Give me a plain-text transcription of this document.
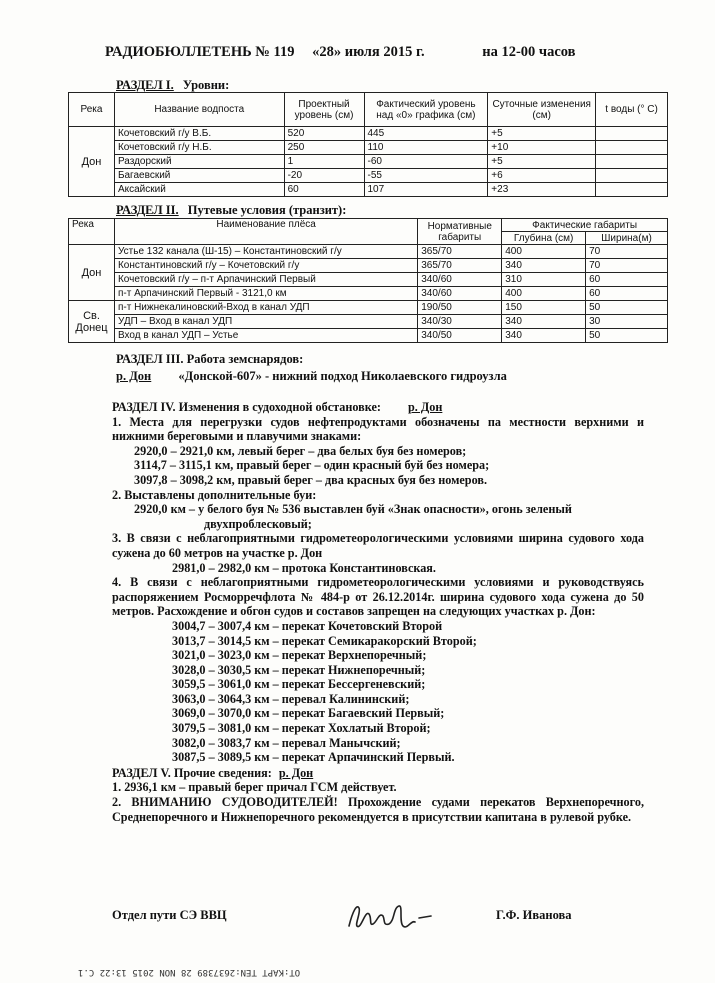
РАДИОБЮЛЛЕТЕНЬ № 119 «28» июля 2015 г.	на 12-00 часов
РАЗДЕЛ I. Уровни:
Река	Название водпоста	Проектный уровень (см)	Фактический уровень над «0» графика (см)	Суточные изменения (см)	t воды (° С)
Дон	Кочетовский г/у В.Б.	520	445	+5	
	Кочетовский г/у Н.Б.	250	110	+10	
	Раздорский	1	-60	+5	
	Багаевский	-20	-55	+6	
	Аксайский	60	107	+23	
РАЗДЕЛ II. Путевые условия (транзит):
Река	Наименование плёса	Нормативные габариты	Фактические габариты	
			Глубина (см)	Ширина(м)
Дон	Устье 132 канала (Ш-15) – Константиновский г/у	365/70	400	70
	Константиновский г/у – Кочетовский г/у	365/70	340	70
	Кочетовский г/у – п-т Арпачинский Первый	340/60	310	60
	п-т Арпачинский Первый - 3121,0 км	340/60	400	60
Св. Донец	п-т Нижнекалиновский-Вход в канал УДП	190/50	150	50
	УДП – Вход в канал УДП	340/30	340	30
	Вход в канал УДП – Устье	340/50	340	50
РАЗДЕЛ III. Работа земснарядов:
р. Дон «Донской-607» - нижний подход Николаевского гидроузла

РАЗДЕЛ IV. Изменения в судоходной обстановке: р. Дон

1. Места для перегрузки судов нефтепродуктами обозначены па местности верхними и нижними береговыми и плавучими знаками:

2920,0 – 2921,0 км, левый берег – два белых буя без номеров;

3114,7 – 3115,1 км, правый берег – один красный буй без номера;

3097,8 – 3098,2 км, правый берег – два красных буя без номеров.

2. Выставлены дополнительные буи:

2920,0 км – у белого буя № 536 выставлен буй «Знак опасности», огонь зеленый

двухпроблесковый;

3. В связи с неблагоприятными гидрометеорологическими условиями ширина судового хода сужена до 60 метров на участке р. Дон

2981,0 – 2982,0 км – протока Константиновская.

4. В связи с неблагоприятными гидрометеорологическими условиями и руководствуясь распоряжением Росморречфлота № 484-р от 26.12.2014г. ширина судового хода сужена до 50 метров. Расхождение и обгон судов и составов запрещен на следующих участках р. Дон:

3004,7 – 3007,4 км – перекат Кочетовский Второй

3013,7 – 3014,5 км – перекат Семикаракорский Второй;

3021,0 – 3023,0 км – перекат Верхнепоречный;

3028,0 – 3030,5 км – перекат Нижнепоречный;

3059,5 – 3061,0 км – перекат Бессергеневский;

3063,0 – 3064,3 км – перевал Калининский;

3069,0 – 3070,0 км – перекат Багаевский Первый;

3079,5 – 3081,0 км – перекат Хохлатый Второй;

3082,0 – 3083,7 км – перевал Манычский;

3087,5 – 3089,5 км – перекат Арпачинский Первый.

РАЗДЕЛ V. Прочие сведения: р. Дон

1. 2936,1 км – правый берег причал ГСМ действует.

2. ВНИМАНИЮ СУДОВОДИТЕЛЕЙ! Прохождение судами перекатов Верхнепоречного, Среднепоречного и Нижнепоречного рекомендуется в присутствии капитана в рулевой рубке.

Отдел пути СЭ ВВЦ	Г.Ф. Иванова
OT:KAPT TEN:2637389 28 NON 2015 13:22 C.1
